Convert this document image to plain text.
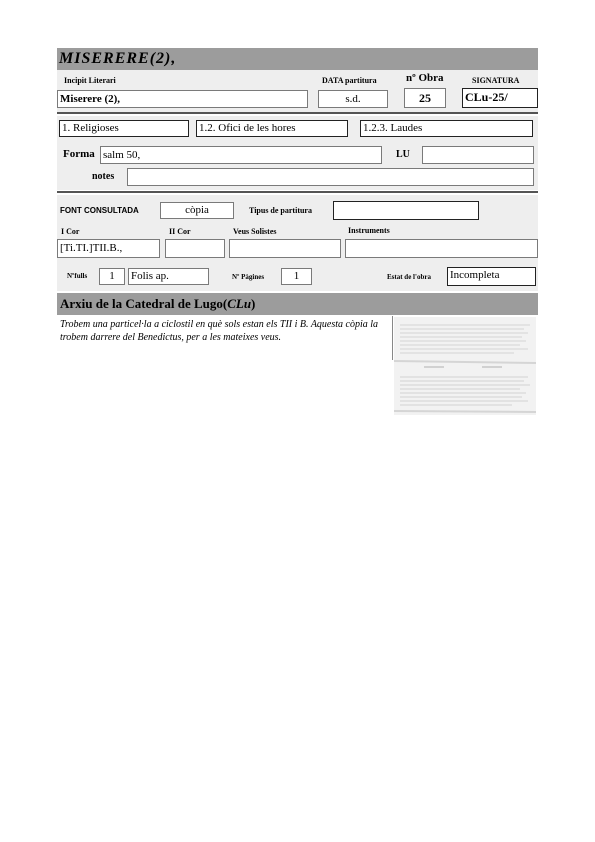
MISERERE(2),
Incipit Literari	DATA partitura	nº Obra	SIGNATURA
Miserere (2),	s.d.	25	CLu-25/
1. Religioses	1.2. Ofici de les hores	1.2.3. Laudes
Forma salm 50,	LU
notes
FONT CONSULTADA	còpia	Tipus de partitura
I Cor	II Cor	Veus Solistes	Instruments
[Ti.TI.]TII.B.,
Nºfulls	1	Folis ap.	Nº Pàgines	1	Estat de l'obra Incompleta
Arxiu de la Catedral de Lugo(CLu)
Trobem una particel·la a ciclostil en què sols estan els TII i B. Aquesta còpia la trobem darrere del Benedictus, per a les mateixes veus.
